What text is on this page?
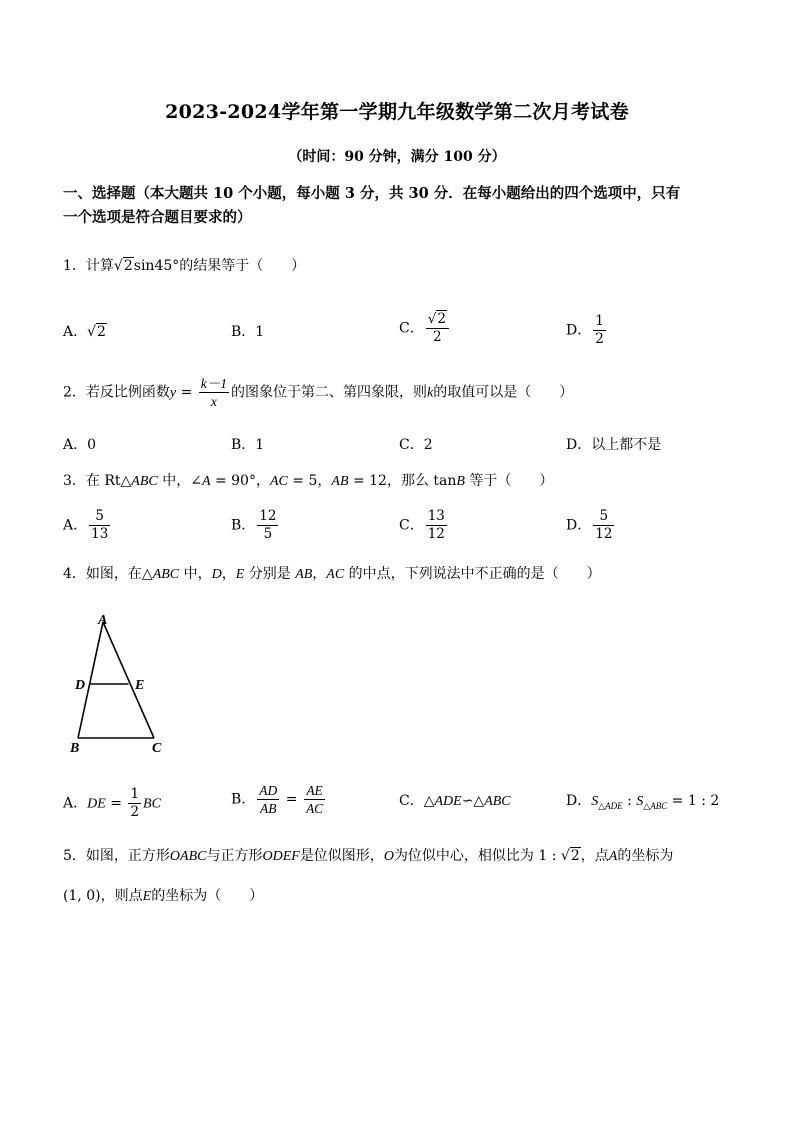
2023-2024学年第一学期九年级数学第二次月考试卷
（时间：90 分钟，满分 100 分）
一、选择题（本大题共 10 个小题，每小题 3 分，共 30 分．在每小题给出的四个选项中，只有
一个选项是符合题目要求的）
1．计算√2sin45°的结果等于（　　）
A．√2	B．1	C． $\frac{√2}{2}$	D． $\frac{1}{2}$
2．若反比例函数$y = \frac{k-1}{x}$ 的图象位于第二、第四象限，则k的取值可以是（　　）
A．0	B．1	C．2	D．以上都不是
3．在 Rt△ABC 中，∠A = 90°，AC = 5，AB = 12，那么 tanB 等于（　　）
A． $\frac{5}{13}$	B． $\frac{12}{5}$	C． $\frac{13}{12}$	D． $\frac{5}{12}$
4．如图，在△ABC 中，D，E 分别是 AB，AC 的中点，下列说法中不正确的是（　　）
A
D	E
B	C
A．DE = $\frac{1}{2}$ BC	B． $\frac{AD}{AB} = \frac{AE}{AC}$	C．△ADE∽△ABC	D．$S_{\triangle ADE}$ : $S_{\triangle ABC} = 1$ : 2
5．如图，正方形OABC与正方形ODEF是位似图形，O为位似中心，相似比为 1 : √2，点A的坐标为
(1, 0)，则点E的坐标为（　　）
